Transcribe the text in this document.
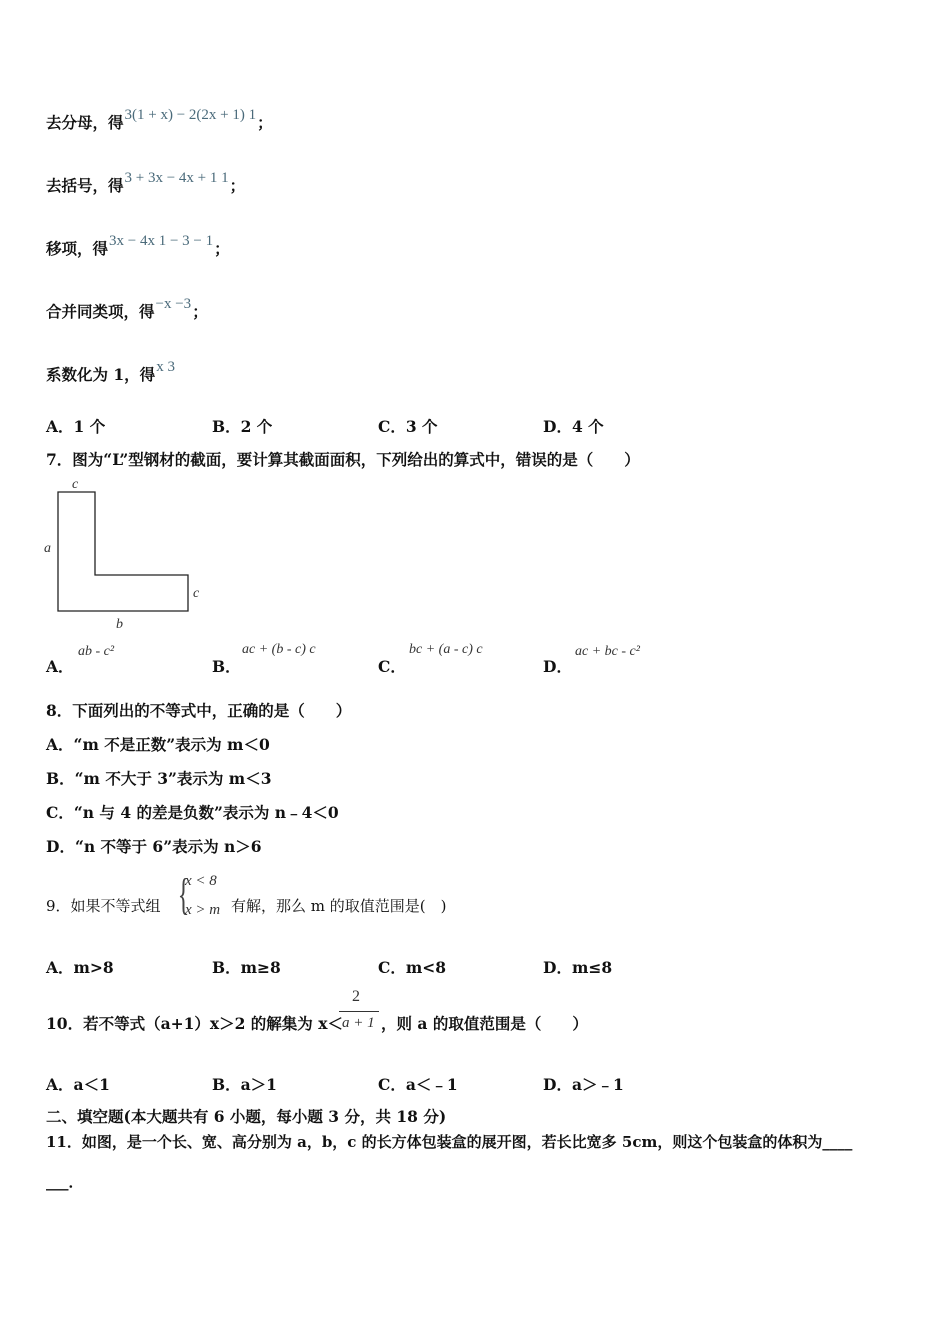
去分母，得3(1 + x) − 2(2x + 1) 1；
去括号，得3 + 3x − 4x + 1 1；
移项，得3x − 4x 1 − 3 − 1；
合并同类项，得−x −3；
系数化为 1，得x 3
A．1 个	B．2 个	C．3 个	D．4 个
7．图为“L”型钢材的截面，要计算其截面面积，下列给出的算式中，错误的是（　　）
c
a
c
b
A．
ab - c²
B．
ac + (b - c) c
C．
bc + (a - c) c
D．
ac + bc - c²
8．下面列出的不等式中，正确的是（　　）
A．“m 不是正数”表示为 m＜0
B．“m 不大于 3”表示为 m＜3
C．“n 与 4 的差是负数”表示为 n﹣4＜0
D．“n 不等于 6”表示为 n＞6
9．如果不等式组 {
x < 8
x > m 有解，那么 m 的取值范围是(　)
A．m>8	B．m≥8	C．m<8	D．m≤8
10．若不等式（a+1）x＞2 的解集为 x＜
2
a + 1 ，则 a 的取值范围是（　　）
A．a＜1	B．a＞1	C．a＜﹣1	D．a＞﹣1
二、填空题(本大题共有 6 小题，每小题 3 分，共 18 分)
11．如图，是一个长、宽、高分别为 a，b，c 的长方体包装盒的展开图，若长比宽多 5cm，则这个包装盒的体积为____
___．
